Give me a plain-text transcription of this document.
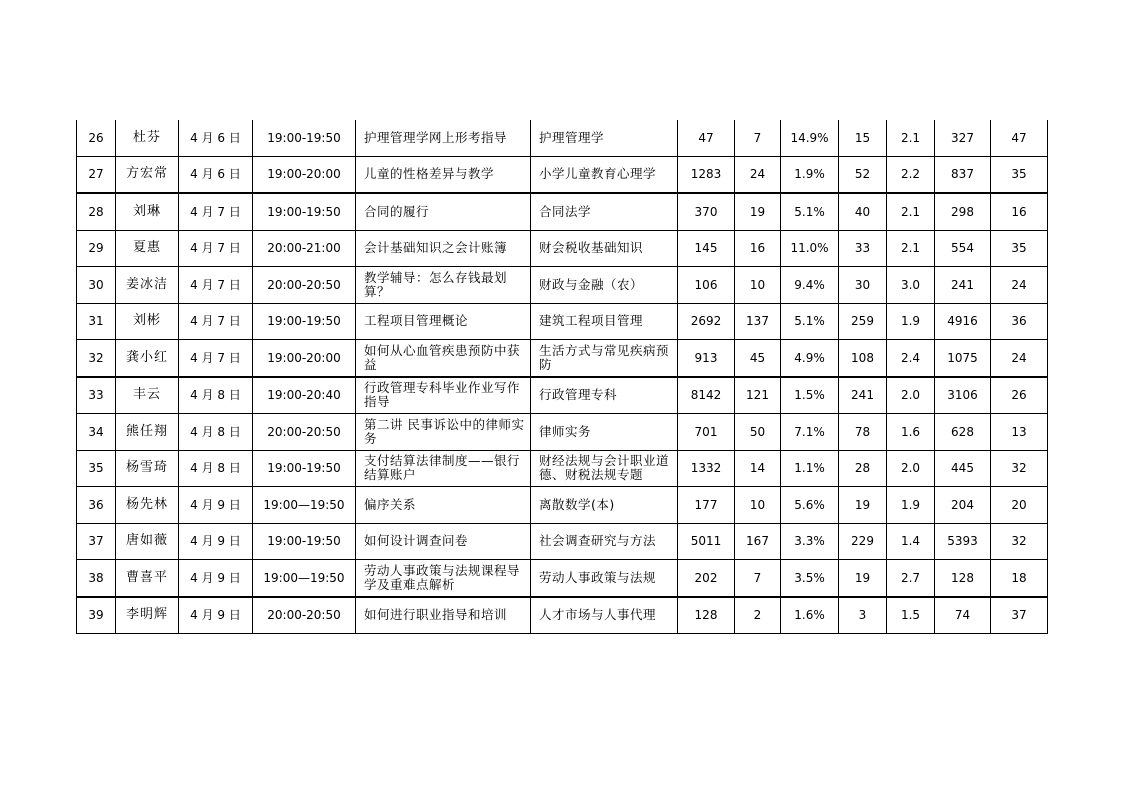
26	杜芬	4 月 6 日	19:00-19:50	护理管理学网上形考指导	护理管理学	47	7	14.9%	15	2.1	327	47
27	方宏常	4 月 6 日	19:00-20:00	儿童的性格差异与教学	小学儿童教育心理学	1283	24	1.9%	52	2.2	837	35
28	刘琳	4 月 7 日	19:00-19:50	合同的履行	合同法学	370	19	5.1%	40	2.1	298	16
29	夏惠	4 月 7 日	20:00-21:00	会计基础知识之会计账簿	财会税收基础知识	145	16	11.0%	33	2.1	554	35
30	姜冰洁	4 月 7 日	20:00-20:50	教学辅导：怎么存钱最划算？	财政与金融（农）	106	10	9.4%	30	3.0	241	24
31	刘彬	4 月 7 日	19:00-19:50	工程项目管理概论	建筑工程项目管理	2692	137	5.1%	259	1.9	4916	36
32	龚小红	4 月 7 日	19:00-20:00	如何从心血管疾患预防中获益	生活方式与常见疾病预防	913	45	4.9%	108	2.4	1075	24
33	丰云	4 月 8 日	19:00-20:40	行政管理专科毕业作业写作指导	行政管理专科	8142	121	1.5%	241	2.0	3106	26
34	熊任翔	4 月 8 日	20:00-20:50	第二讲 民事诉讼中的律师实务	律师实务	701	50	7.1%	78	1.6	628	13
35	杨雪琦	4 月 8 日	19:00-19:50	支付结算法律制度——银行结算账户	财经法规与会计职业道德、财税法规专题	1332	14	1.1%	28	2.0	445	32
36	杨先林	4 月 9 日	19:00—19:50	偏序关系	离散数学(本)	177	10	5.6%	19	1.9	204	20
37	唐如薇	4 月 9 日	19:00-19:50	如何设计调查问卷	社会调查研究与方法	5011	167	3.3%	229	1.4	5393	32
38	曹喜平	4 月 9 日	19:00—19:50	劳动人事政策与法规课程导学及重难点解析	劳动人事政策与法规	202	7	3.5%	19	2.7	128	18
39	李明辉	4 月 9 日	20:00-20:50	如何进行职业指导和培训	人才市场与人事代理	128	2	1.6%	3	1.5	74	37
